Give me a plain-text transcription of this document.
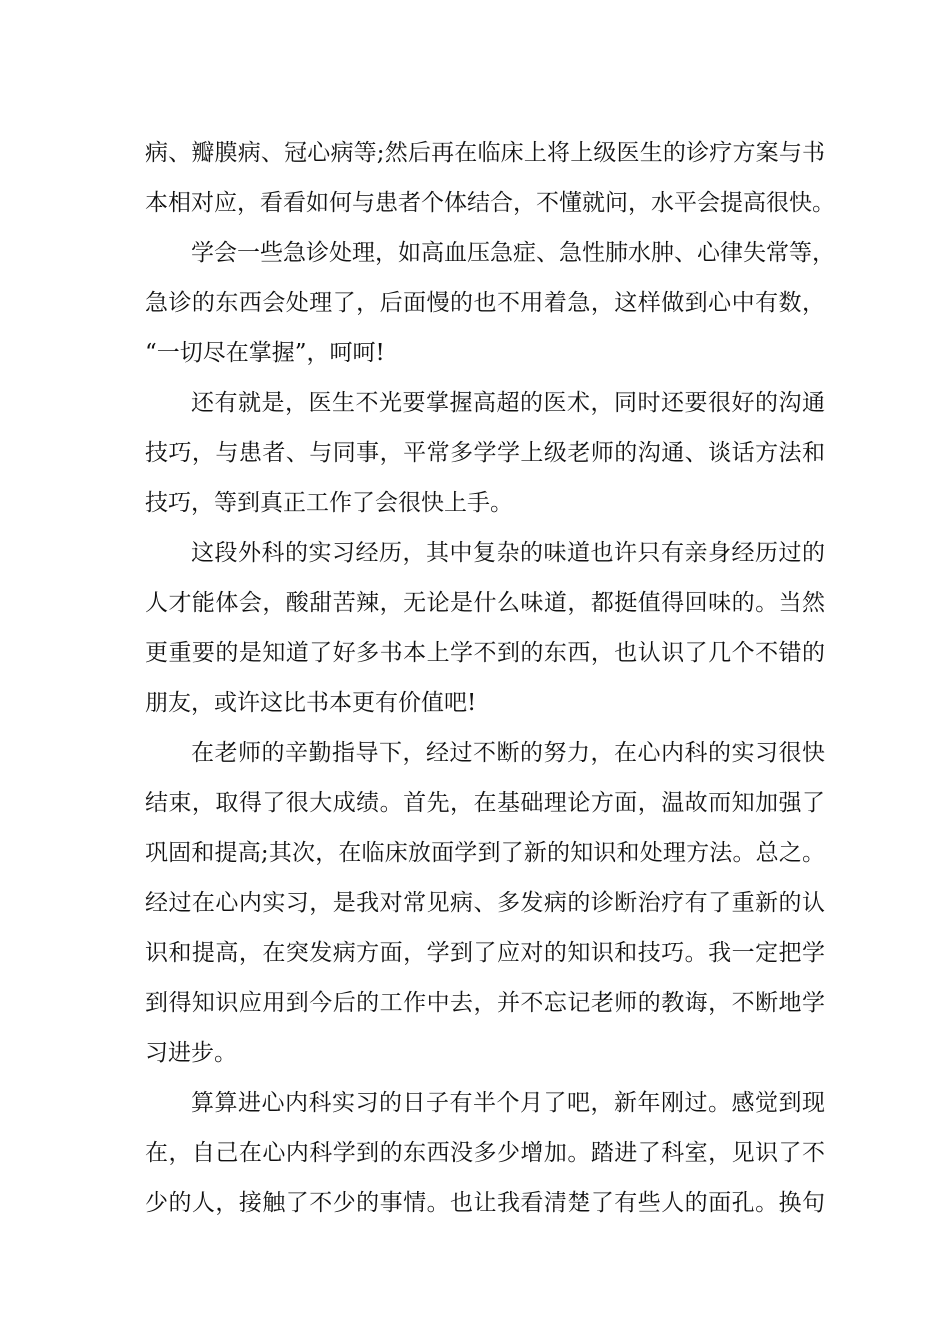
病、瓣膜病、冠心病等;然后再在临床上将上级医生的诊疗方案与书
本相对应，看看如何与患者个体结合，不懂就问，水平会提高很快。
学会一些急诊处理，如高血压急症、急性肺水肿、心律失常等，
急诊的东西会处理了，后面慢的也不用着急，这样做到心中有数，
“一切尽在掌握”，呵呵!
还有就是，医生不光要掌握高超的医术，同时还要很好的沟通
技巧，与患者、与同事，平常多学学上级老师的沟通、谈话方法和
技巧，等到真正工作了会很快上手。
这段外科的实习经历，其中复杂的味道也许只有亲身经历过的
人才能体会，酸甜苦辣，无论是什么味道，都挺值得回味的。当然
更重要的是知道了好多书本上学不到的东西，也认识了几个不错的
朋友，或许这比书本更有价值吧!
在老师的辛勤指导下，经过不断的努力，在心内科的实习很快
结束，取得了很大成绩。首先，在基础理论方面，温故而知加强了
巩固和提高;其次，在临床放面学到了新的知识和处理方法。总之。
经过在心内实习，是我对常见病、多发病的诊断治疗有了重新的认
识和提高，在突发病方面，学到了应对的知识和技巧。我一定把学
到得知识应用到今后的工作中去，并不忘记老师的教诲，不断地学
习进步。
算算进心内科实习的日子有半个月了吧，新年刚过。感觉到现
在，自己在心内科学到的东西没多少增加。踏进了科室，见识了不
少的人，接触了不少的事情。也让我看清楚了有些人的面孔。换句
